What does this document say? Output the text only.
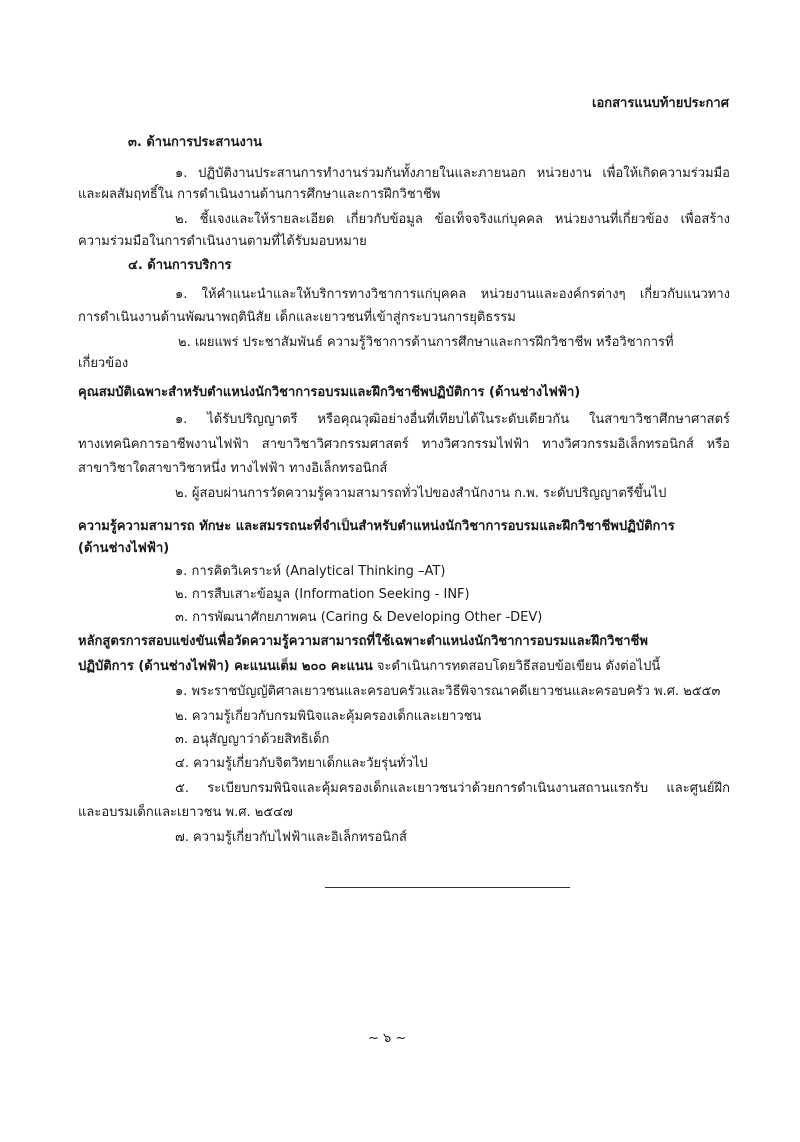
เอกสารแนบท้ายประกาศ
๓. ด้านการประสานงาน
๑. ปฏิบัติงานประสานการทำงานร่วมกันทั้งภายในและภายนอก หน่วยงาน เพื่อให้เกิดความร่วมมือ
และผลสัมฤทธิ์ใน การดำเนินงานด้านการศึกษาและการฝึกวิชาชีพ
๒. ชี้แจงและให้รายละเอียด เกี่ยวกับข้อมูล ข้อเท็จจริงแก่บุคคล หน่วยงานที่เกี่ยวข้อง เพื่อสร้าง
ความร่วมมือในการดำเนินงานตามที่ได้รับมอบหมาย
๔. ด้านการบริการ
๑. ให้คำแนะนำและให้บริการทางวิชาการแก่บุคคล หน่วยงานและองค์กรต่างๆ เกี่ยวกับแนวทาง
การดำเนินงานด้านพัฒนาพฤตินิสัย เด็กและเยาวชนที่เข้าสู่กระบวนการยุติธรรม
๒. เผยแพร่ ประชาสัมพันธ์ ความรู้วิชาการด้านการศึกษาและการฝึกวิชาชีพ หรือวิชาการที่
เกี่ยวข้อง
คุณสมบัติเฉพาะสำหรับตำแหน่งนักวิชาการอบรมและฝึกวิชาชีพปฏิบัติการ (ด้านช่างไฟฟ้า)
๑. ได้รับปริญญาตรี หรือคุณวุฒิอย่างอื่นที่เทียบได้ในระดับเดียวกัน ในสาขาวิชาศึกษาศาสตร์
ทางเทคนิคการอาชีพงานไฟฟ้า สาขาวิชาวิศวกรรมศาสตร์ ทางวิศวกรรมไฟฟ้า ทางวิศวกรรมอิเล็กทรอนิกส์ หรือ
สาขาวิชาใดสาขาวิชาหนึ่ง ทางไฟฟ้า ทางอิเล็กทรอนิกส์
๒. ผู้สอบผ่านการวัดความรู้ความสามารถทั่วไปของสำนักงาน ก.พ. ระดับปริญญาตรีขึ้นไป
ความรู้ความสามารถ ทักษะ และสมรรถนะที่จำเป็นสำหรับตำแหน่งนักวิชาการอบรมและฝึกวิชาชีพปฏิบัติการ
(ด้านช่างไฟฟ้า)
๑. การคิดวิเคราะห์ (Analytical Thinking –AT)
๒. การสืบเสาะข้อมูล (Information Seeking - INF)
๓. การพัฒนาศักยภาพคน (Caring & Developing Other -DEV)
หลักสูตรการสอบแข่งขันเพื่อวัดความรู้ความสามารถที่ใช้เฉพาะตำแหน่งนักวิชาการอบรมและฝึกวิชาชีพ
ปฏิบัติการ (ด้านช่างไฟฟ้า) คะแนนเต็ม ๒๐๐ คะแนน จะดำเนินการทดสอบโดยวิธีสอบข้อเขียน ดังต่อไปนี้
๑. พระราชบัญญัติศาลเยาวชนและครอบครัวและวิธีพิจารณาคดีเยาวชนและครอบครัว พ.ศ. ๒๕๕๓
๒. ความรู้เกี่ยวกับกรมพินิจและคุ้มครองเด็กและเยาวชน
๓. อนุสัญญาว่าด้วยสิทธิเด็ก
๔. ความรู้เกี่ยวกับจิตวิทยาเด็กและวัยรุ่นทั่วไป
๕. ระเบียบกรมพินิจและคุ้มครองเด็กและเยาวชนว่าด้วยการดำเนินงานสถานแรกรับ และศูนย์ฝึก
และอบรมเด็กและเยาวชน พ.ศ. ๒๕๔๗
๗. ความรู้เกี่ยวกับไฟฟ้าและอิเล็กทรอนิกส์
~ ๖ ~
